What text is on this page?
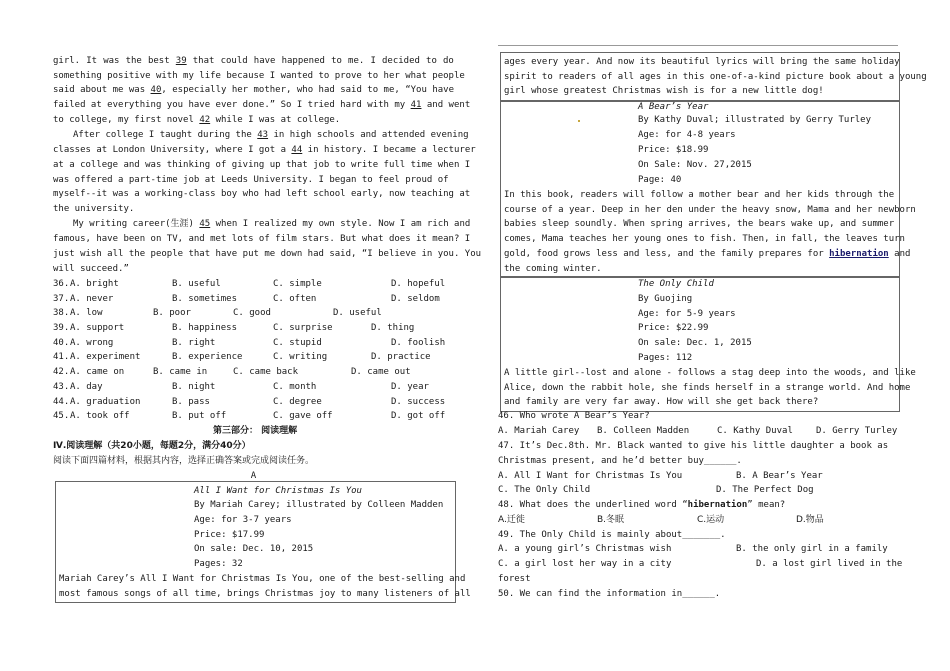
girl. It was the best 39 that could have happened to me. I decided to do
something positive with my life because I wanted to prove to her what people
said about me was 40, especially her mother, who had said to me, “You have
failed at everything you have ever done.” So I tried hard with my 41 and went
to college, my first novel 42 while I was at college.
After college I taught during the 43 in high schools and attended evening
classes at London University, where I got a 44 in history. I became a lecturer
at a college and was thinking of giving up that job to write full time when I
was offered a part-time job at Leeds University. I began to feel proud of
myself--it was a working-class boy who had left school early, now teaching at
the university.
My writing career(生涯) 45 when I realized my own style. Now I am rich and
famous, have been on TV, and met lots of film stars. But what does it mean? I
just wish all the people that have put me down had said, “I believe in you. You
will succeed.”
36. A. bright	B. useful	C. simple	D. hopeful
37. A. never	B. sometimes	C. often	D. seldom
38. A. low	B. poor	C. good	D. useful
39. A. support	B. happiness	C. surprise	D. thing
40. A. wrong	B. right	C. stupid	D. foolish
41. A. experiment	B. experience	C. writing	D. practice
42. A. came on	B. came in	C. came back	D. came out
43. A. day	B. night	C. month	D. year
44. A. graduation	B. pass	C. degree	D. success
45. A. took off	B. put off	C. gave off	D. got off
第三部分： 阅读理解
Ⅳ.阅读理解（共20小题，每题2分，满分40分）
阅读下面四篇材料，根据其内容，选择正确答案或完成阅读任务。
A
All I Want for Christmas Is You
By Mariah Carey; illustrated by Colleen Madden
Age: for 3-7 years
Price: $17.99
On sale: Dec. 10, 2015
Pages: 32
Mariah Carey’s All I Want for Christmas Is You, one of the best-selling and
most famous songs of all time, brings Christmas joy to many listeners of all
ages every year. And now its beautiful lyrics will bring the same holiday
spirit to readers of all ages in this one-of-a-kind picture book about a young
girl whose greatest Christmas wish is for a new little dog!
A Bear’s Year
By Kathy Duval; illustrated by Gerry Turley
Age: for 4-8 years
Price: $18.99
On Sale: Nov. 27,2015
Page: 40
In this book, readers will follow a mother bear and her kids through the
course of a year. Deep in her den under the heavy snow, Mama and her newborn
babies sleep soundly. When spring arrives, the bears wake up, and summer
comes, Mama teaches her young ones to fish. Then, in fall, the leaves turn
gold, food grows less and less, and the family prepares for hibernation and
the coming winter.
The Only Child
By Guojing
Age: for 5-9 years
Price: $22.99
On sale: Dec. 1, 2015
Pages: 112
A little girl--lost and alone - follows a stag deep into the woods, and like
Alice, down the rabbit hole, she finds herself in a strange world. And home
and family are very far away. How will she get back there?
46. Who wrote A Bear’s Year?
A. Mariah Carey B. Colleen Madden	C. Kathy Duval	D. Gerry Turley
47. It’s Dec.8th. Mr. Black wanted to give his little daughter a book as
Christmas present, and he’d better buy______.
A. All I Want for Christmas Is You	B. A Bear’s Year
C. The Only Child	D. The Perfect Dog
48. What does the underlined word “hibernation” mean?
A.迁徙	B.冬眠	C.运动	D.物品
49. The Only Child is mainly about_______.
A. a young girl’s Christmas wish	B. the only girl in a family
C. a girl lost her way in a city	D. a lost girl lived in the
forest
50. We can find the information in______.
